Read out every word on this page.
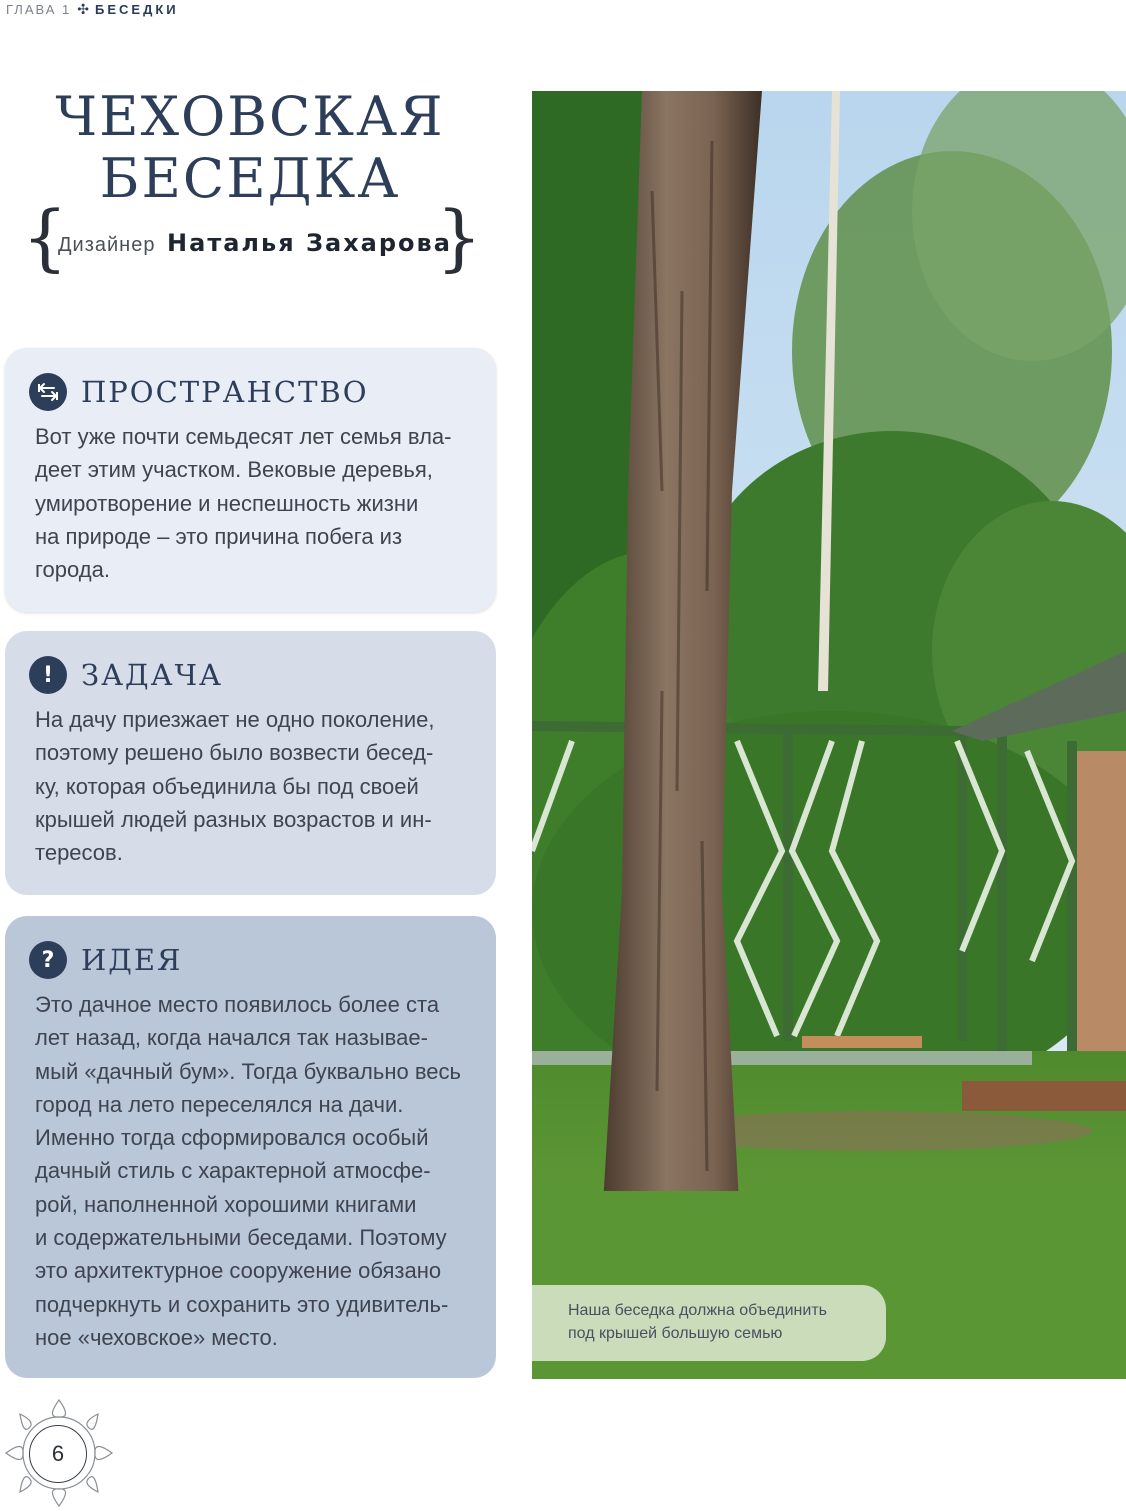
ГЛАВА 1 ✣ БЕСЕДКИ
ЧЕХОВСКАЯ
БЕСЕДКА
{
Дизайнер Наталья Захарова
}
ПРОСТРАНСТВО
Вот уже почти семьдесят лет семья вла-
деет этим участком. Вековые деревья,
умиротворение и неспешность жизни
на природе – это причина побега из
города.
! ЗАДАЧА
На дачу приезжает не одно поколение,
поэтому решено было возвести бесед-
ку, которая объединила бы под своей
крышей людей разных возрастов и ин-
тересов.
? ИДЕЯ
Это дачное место появилось более ста
лет назад, когда начался так называе-
мый «дачный бум». Тогда буквально весь
город на лето переселялся на дачи.
Именно тогда сформировался особый
дачный стиль с характерной атмосфе-
рой, наполненной хорошими книгами
и содержательными беседами. Поэтому
это архитектурное сооружение обязано
подчеркнуть и сохранить это удивитель-
ное «чеховское» место.
Наша беседка должна объединить
под крышей большую семью
6
